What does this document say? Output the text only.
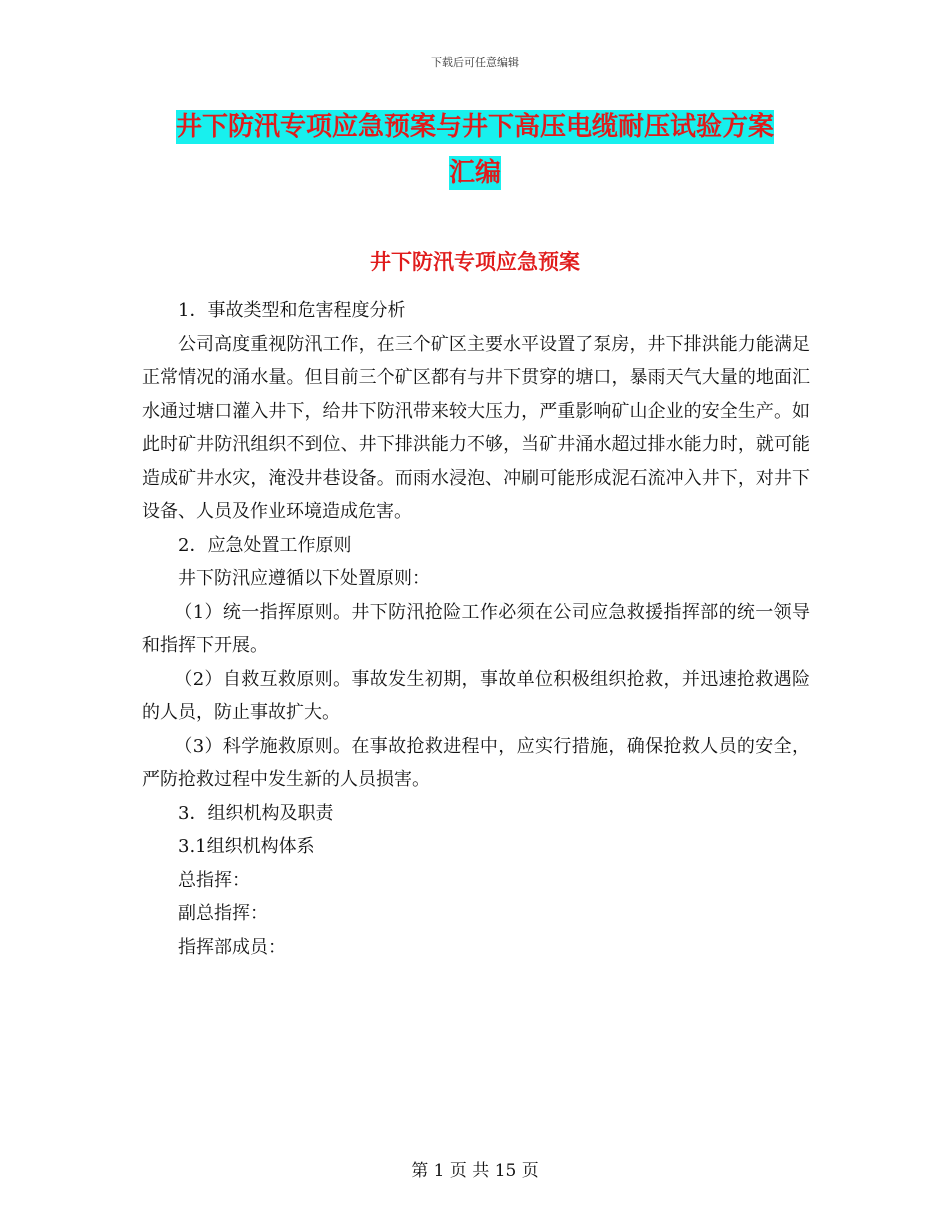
下载后可任意编辑
井下防汛专项应急预案与井下高压电缆耐压试验方案
汇编
井下防汛专项应急预案

1．事故类型和危害程度分析

公司高度重视防汛工作，在三个矿区主要水平设置了泵房，井下排洪能力能满足正常情况的涌水量。但目前三个矿区都有与井下贯穿的塘口，暴雨天气大量的地面汇水通过塘口灌入井下，给井下防汛带来较大压力，严重影响矿山企业的安全生产。如此时矿井防汛组织不到位、井下排洪能力不够，当矿井涌水超过排水能力时，就可能造成矿井水灾，淹没井巷设备。而雨水浸泡、冲刷可能形成泥石流冲入井下，对井下设备、人员及作业环境造成危害。

2．应急处置工作原则

井下防汛应遵循以下处置原则：

（1）统一指挥原则。井下防汛抢险工作必须在公司应急救援指挥部的统一领导和指挥下开展。

（2）自救互救原则。事故发生初期，事故单位积极组织抢救，并迅速抢救遇险的人员，防止事故扩大。

（3）科学施救原则。在事故抢救进程中，应实行措施，确保抢救人员的安全，严防抢救过程中发生新的人员损害。

3．组织机构及职责

3.1组织机构体系

总指挥：

副总指挥：

指挥部成员：

第 1 页 共 15 页
